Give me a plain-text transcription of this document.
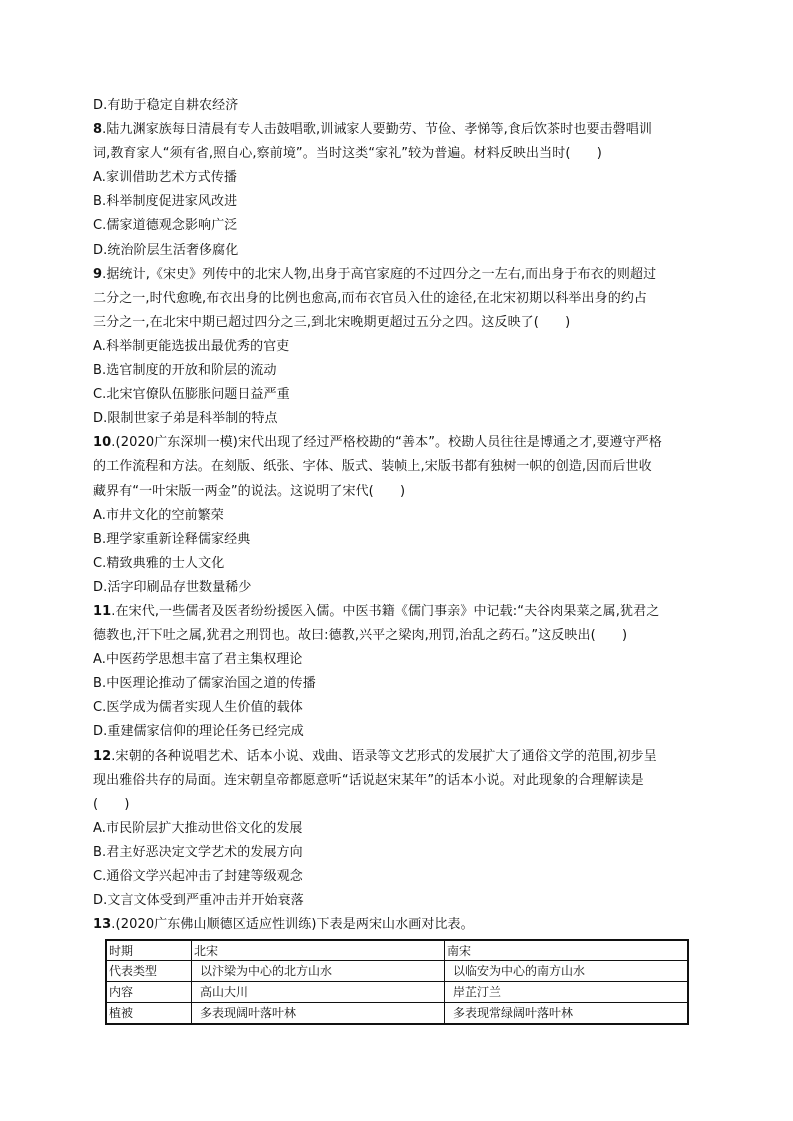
D.有助于稳定自耕农经济
8.陆九渊家族每日清晨有专人击鼓唱歌,训诫家人要勤劳、节俭、孝悌等,食后饮茶时也要击磬唱训
词,教育家人“须有省,照自心,察前境”。当时这类“家礼”较为普遍。材料反映出当时(　　)
A.家训借助艺术方式传播
B.科举制度促进家风改进
C.儒家道德观念影响广泛
D.统治阶层生活奢侈腐化
9.据统计,《宋史》列传中的北宋人物,出身于高官家庭的不过四分之一左右,而出身于布衣的则超过
二分之一,时代愈晚,布衣出身的比例也愈高,而布衣官员入仕的途径,在北宋初期以科举出身的约占
三分之一,在北宋中期已超过四分之三,到北宋晚期更超过五分之四。这反映了(　　)
A.科举制更能选拔出最优秀的官吏
B.选官制度的开放和阶层的流动
C.北宋官僚队伍膨胀问题日益严重
D.限制世家子弟是科举制的特点
10.(2020广东深圳一模)宋代出现了经过严格校勘的“善本”。校勘人员往往是博通之才,要遵守严格
的工作流程和方法。在刻版、纸张、字体、版式、装帧上,宋版书都有独树一帜的创造,因而后世收
藏界有“一叶宋版一两金”的说法。这说明了宋代(　　)
A.市井文化的空前繁荣
B.理学家重新诠释儒家经典
C.精致典雅的士人文化
D.活字印刷品存世数量稀少
11.在宋代,一些儒者及医者纷纷援医入儒。中医书籍《儒门事亲》中记载:“夫谷肉果菜之属,犹君之
德教也,汗下吐之属,犹君之刑罚也。故曰:德教,兴平之梁肉,刑罚,治乱之药石。”这反映出(　　)
A.中医药学思想丰富了君主集权理论
B.中医理论推动了儒家治国之道的传播
C.医学成为儒者实现人生价值的载体
D.重建儒家信仰的理论任务已经完成
12.宋朝的各种说唱艺术、话本小说、戏曲、语录等文艺形式的发展扩大了通俗文学的范围,初步呈
现出雅俗共存的局面。连宋朝皇帝都愿意听“话说赵宋某年”的话本小说。对此现象的合理解读是
(　　)
A.市民阶层扩大推动世俗文化的发展
B.君主好恶决定文学艺术的发展方向
C.通俗文学兴起冲击了封建等级观念
D.文言文体受到严重冲击并开始衰落
13.(2020广东佛山顺德区适应性训练)下表是两宋山水画对比表。
时期	北宋	南宋
代表类型	以汴梁为中心的北方山水	以临安为中心的南方山水
内容	高山大川	岸芷汀兰
植被	多表现阔叶落叶林	多表现常绿阔叶落叶林
